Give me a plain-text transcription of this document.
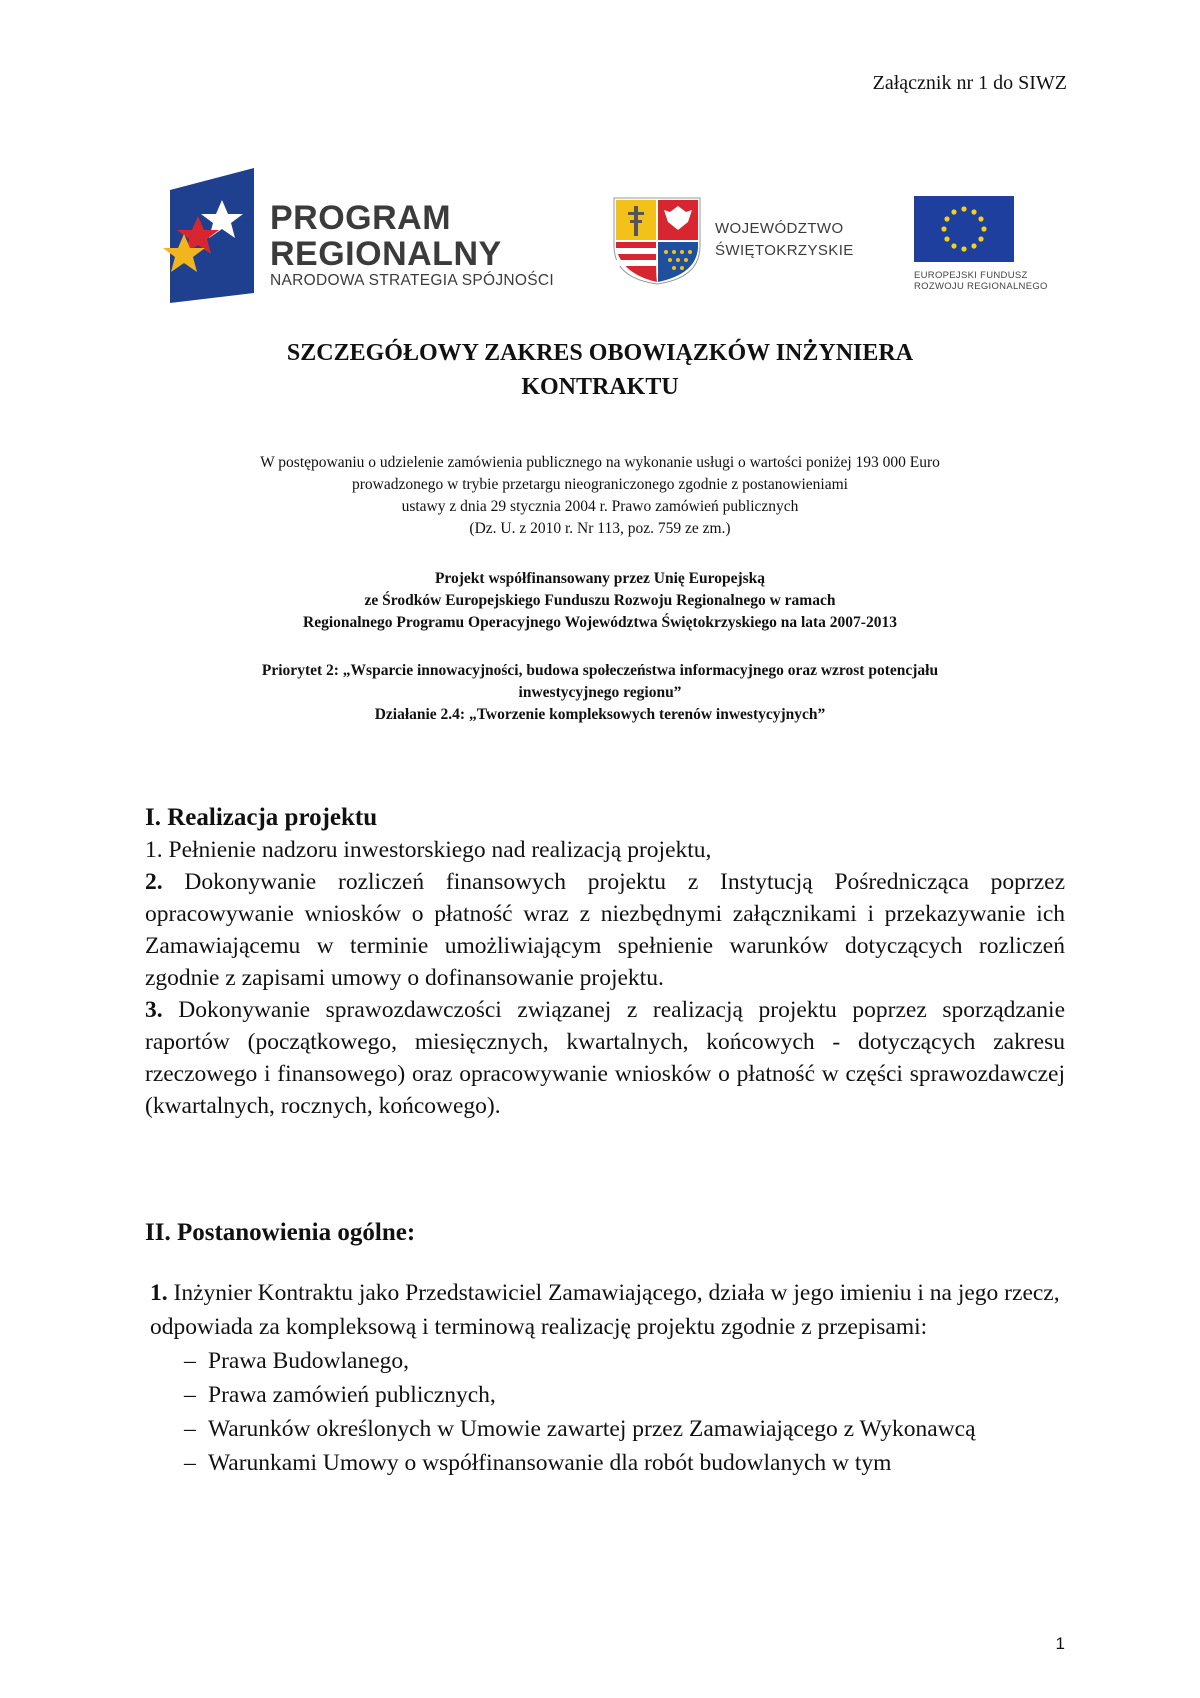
Załącznik nr 1 do SIWZ
PROGRAM
REGIONALNY
NARODOWA STRATEGIA SPÓJNOŚCI
WOJEWÓDZTWO
ŚWIĘTOKRZYSKIE
EUROPEJSKI FUNDUSZ
ROZWOJU REGIONALNEGO
SZCZEGÓŁOWY ZAKRES OBOWIĄZKÓW INŻYNIERA
KONTRAKTU
W postępowaniu o udzielenie zamówienia publicznego na wykonanie usługi o wartości poniżej 193 000 Euro
prowadzonego w trybie przetargu nieograniczonego zgodnie z postanowieniami
ustawy z dnia 29 stycznia 2004 r. Prawo zamówień publicznych
(Dz. U. z 2010 r. Nr 113, poz. 759 ze zm.)
Projekt współfinansowany przez Unię Europejską
ze Środków Europejskiego Funduszu Rozwoju Regionalnego w ramach
Regionalnego Programu Operacyjnego Województwa Świętokrzyskiego na lata 2007-2013
Priorytet 2: „Wsparcie innowacyjności, budowa społeczeństwa informacyjnego oraz wzrost potencjału
inwestycyjnego regionu”
Działanie 2.4: „Tworzenie kompleksowych terenów inwestycyjnych”

I. Realizacja projektu

1. Pełnienie nadzoru inwestorskiego nad realizacją projektu,

2. Dokonywanie rozliczeń finansowych projektu z Instytucją Pośrednicząca poprzez opracowywanie wniosków o płatność wraz z niezbędnymi załącznikami i przekazywanie ich Zamawiającemu w terminie umożliwiającym spełnienie warunków dotyczących rozliczeń zgodnie z zapisami umowy o dofinansowanie projektu.

3. Dokonywanie sprawozdawczości związanej z realizacją projektu poprzez sporządzanie raportów (początkowego, miesięcznych, kwartalnych, końcowych - dotyczących zakresu rzeczowego i finansowego) oraz opracowywanie wniosków o płatność w części sprawozdawczej (kwartalnych, rocznych, końcowego).

II. Postanowienia ogólne:

1. Inżynier Kontraktu jako Przedstawiciel Zamawiającego, działa w jego imieniu i na jego rzecz, odpowiada za kompleksową i terminową realizację projektu zgodnie z przepisami:

– Prawa Budowlanego,
– Prawa zamówień publicznych,
– Warunków określonych w Umowie zawartej przez Zamawiającego z Wykonawcą
– Warunkami Umowy o współfinansowanie dla robót budowlanych w tym
1
